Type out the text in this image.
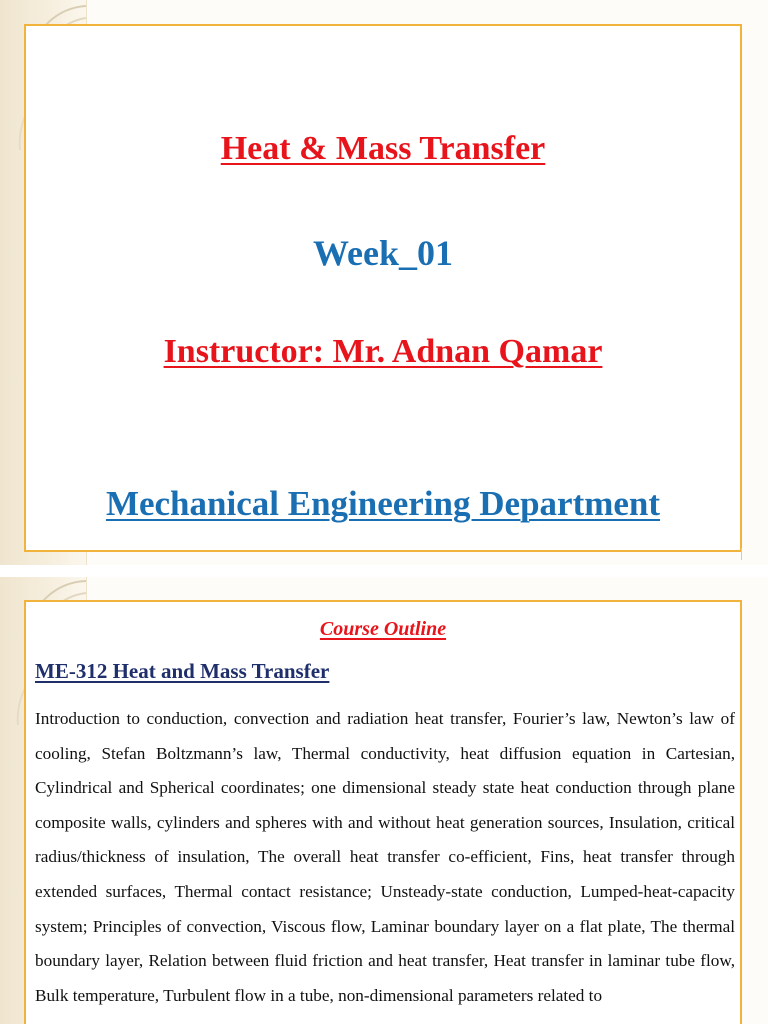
Heat & Mass Transfer
Week_01
Instructor: Mr. Adnan Qamar
Mechanical Engineering Department
Course Outline
ME-312 Heat and Mass Transfer
Introduction to conduction, convection and radiation heat transfer, Fourier’s law, Newton’s law of cooling, Stefan Boltzmann’s law, Thermal conductivity, heat diffusion equation in Cartesian, Cylindrical and Spherical coordinates; one dimensional steady state heat conduction through plane composite walls, cylinders and spheres with and without heat generation sources, Insulation, critical radius/thickness of insulation, The overall heat transfer co-efficient, Fins, heat transfer through extended surfaces, Thermal contact resistance; Unsteady-state conduction, Lumped-heat-capacity system; Principles of convection, Viscous flow, Laminar boundary layer on a flat plate, The thermal boundary layer, Relation between fluid friction and heat transfer, Heat transfer in laminar tube flow, Bulk temperature, Turbulent flow in a tube, non-dimensional parameters related to
